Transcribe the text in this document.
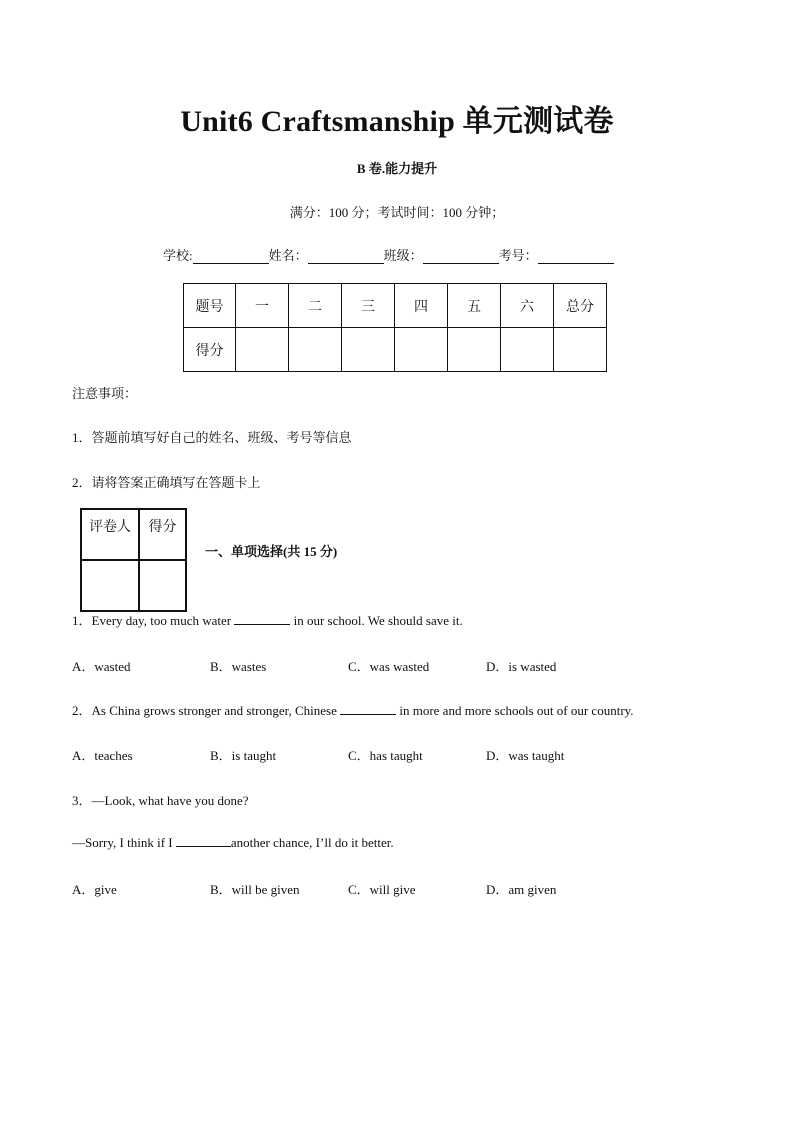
Unit6 Craftsmanship 单元测试卷
B 卷.能力提升
满分：100 分；考试时间：100 分钟；
学校:	姓名：	班级：	考号：
题号	一	二	三	四	五	六	总分
得分							
注意事项：
1．答题前填写好自己的姓名、班级、考号等信息
2．请将答案正确填写在答题卡上
评卷人	得分

一、单项选择(共 15 分)
1．Every day, too much water	in our school. We should save it.
A．wasted	B．wastes	C．was wasted	D．is wasted
2．As China grows stronger and stronger, Chinese	in more and more schools out of our country.
A．teaches	B．is taught	C．has taught	D．was taught
3．—Look, what have you done?
—Sorry, I think if I	another chance, I’ll do it better.
A．give	B．will be given	C．will give	D．am given
